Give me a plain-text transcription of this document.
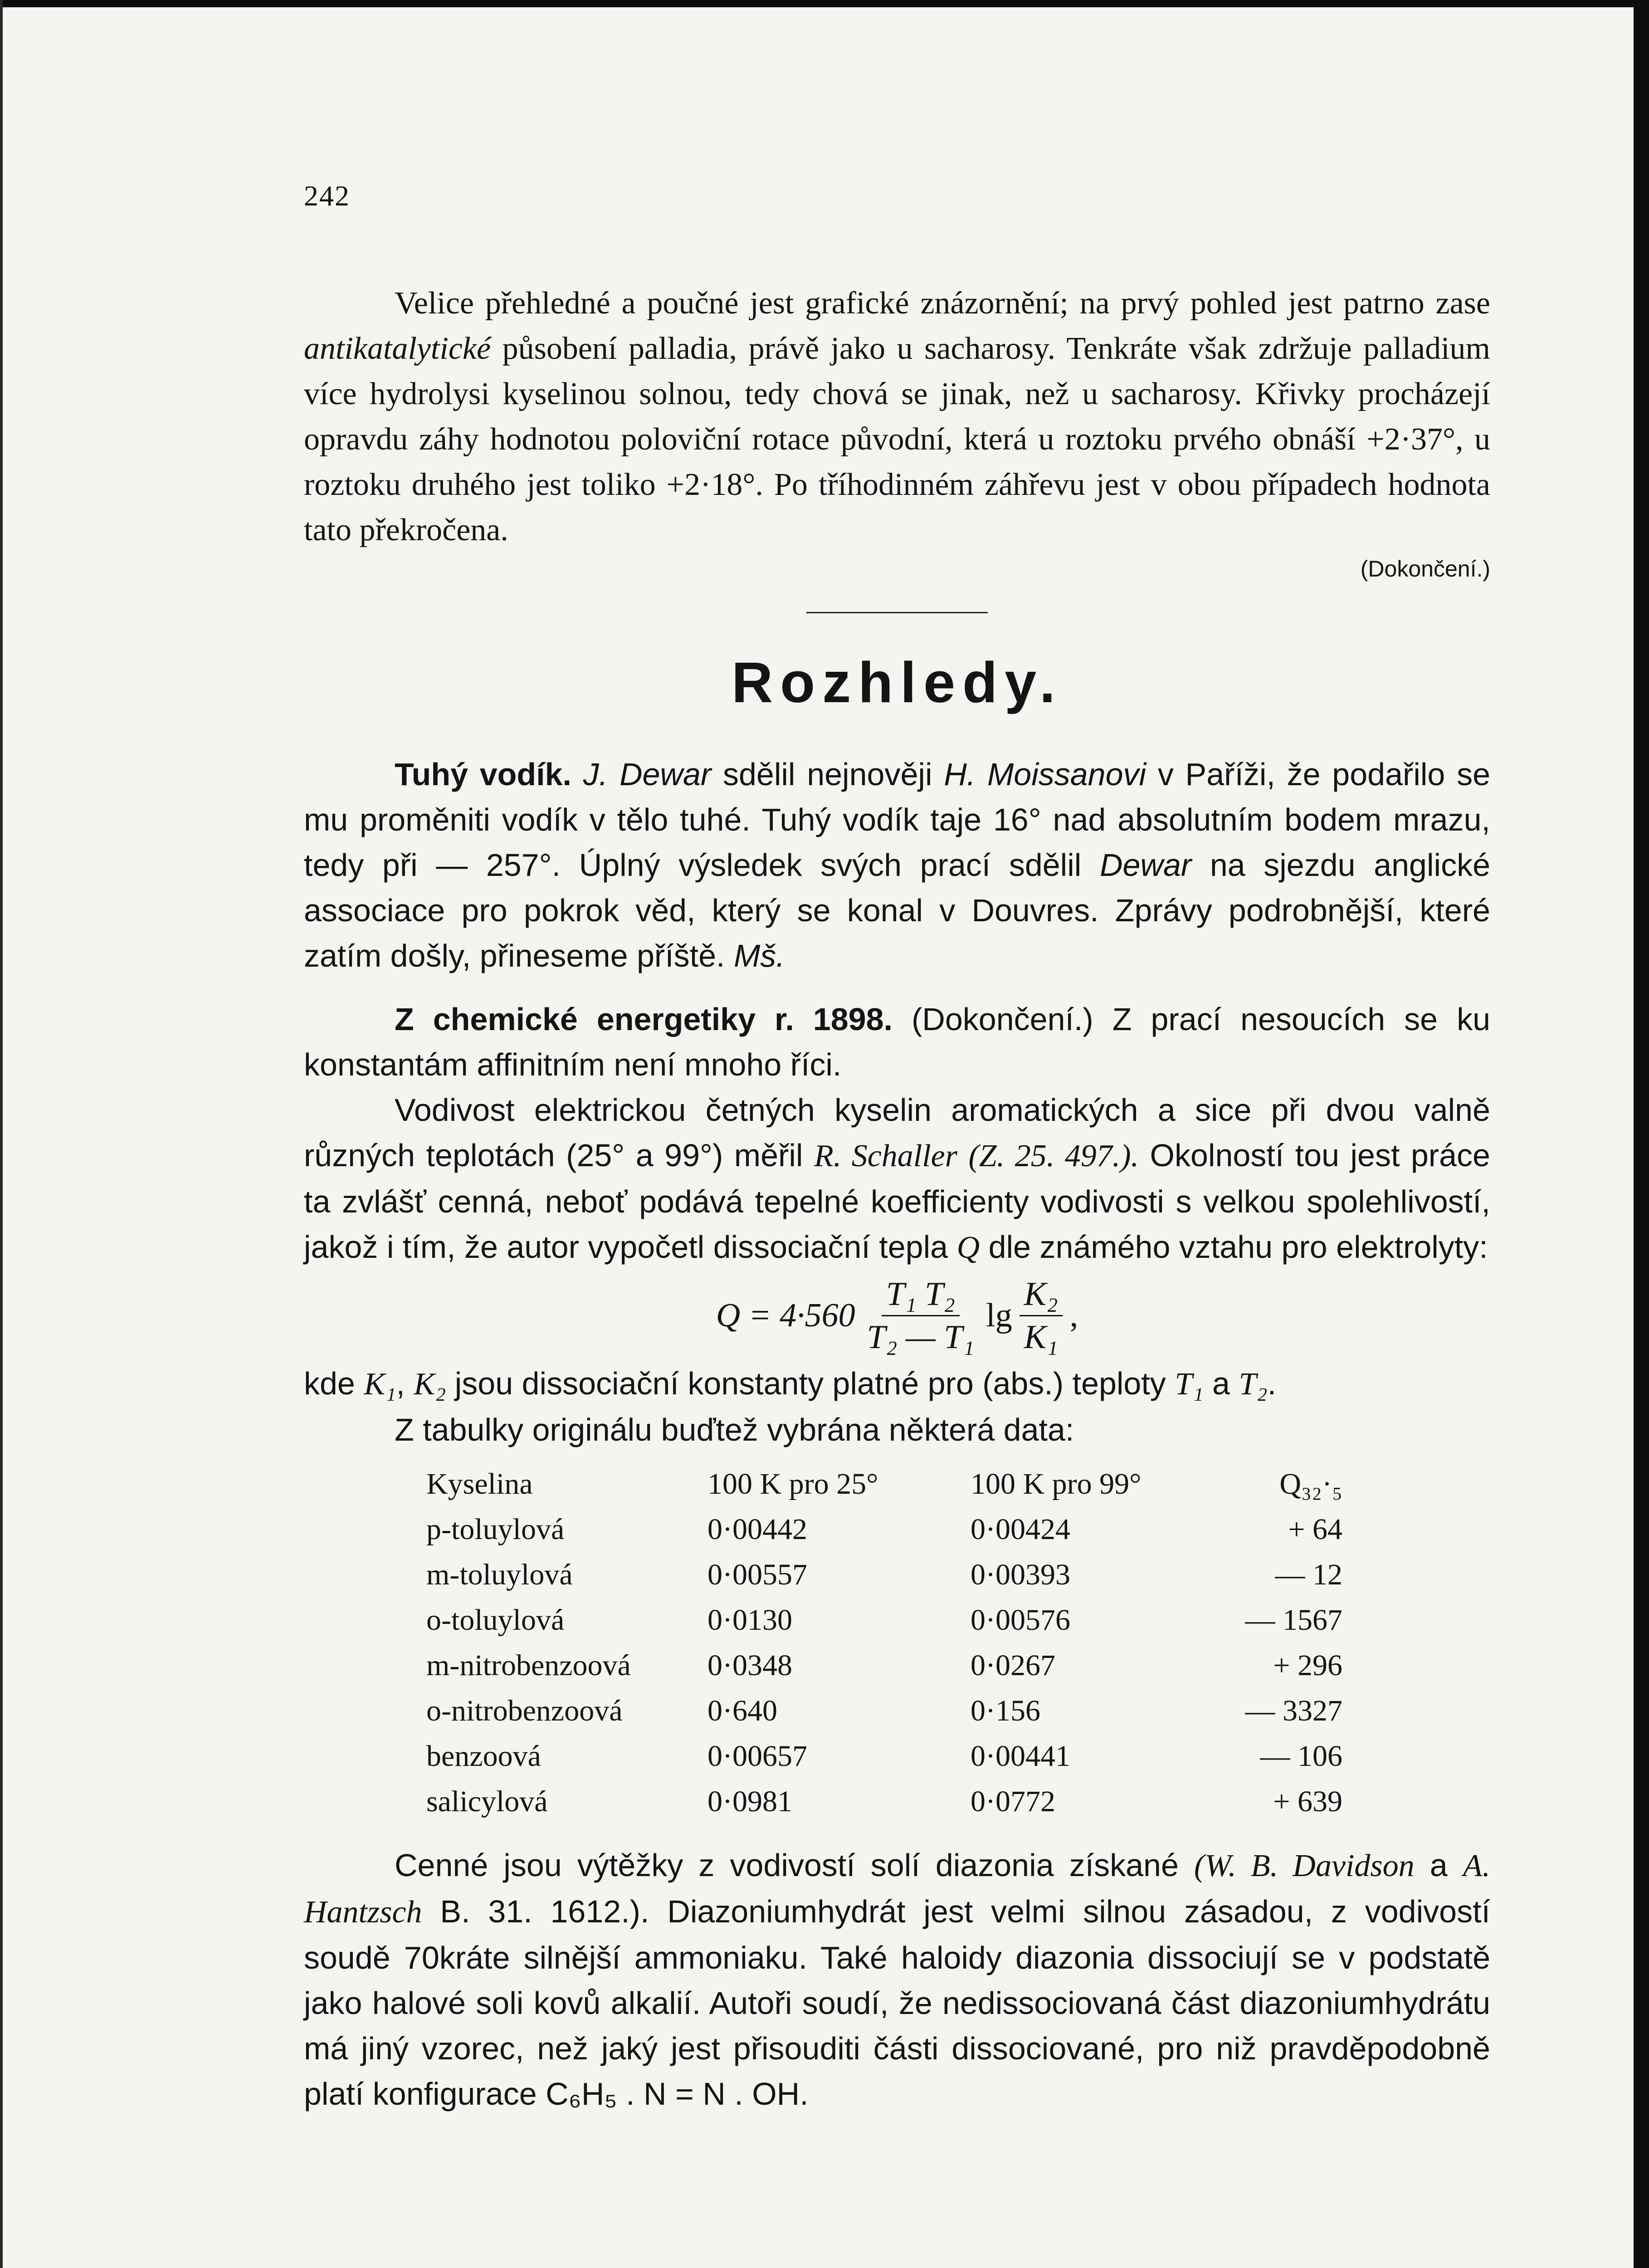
242

Velice přehledné a poučné jest grafické znázornění; na prvý pohled jest patrno zase antikatalytické působení palladia, právě jako u sacharosy. Tenkráte však zdržuje palladium více hydrolysi kyselinou solnou, tedy chová se jinak, než u sacharosy. Křivky procházejí opravdu záhy hodnotou poloviční rotace původní, která u roztoku prvého obnáší +2·37°, u roztoku druhého jest toliko +2·18°. Po tříhodinném záhřevu jest v obou případech hodnota tato překročena.

(Dokončení.)
Rozhledy.

Tuhý vodík. J. Dewar sdělil nejnověji H. Moissanovi v Paříži, že podařilo se mu proměniti vodík v tělo tuhé. Tuhý vodík taje 16° nad absolutním bodem mrazu, tedy při — 257°. Úplný výsledek svých prací sdělil Dewar na sjezdu anglické associace pro pokrok věd, který se konal v Douvres. Zprávy podrobnější, které zatím došly, přineseme příště. Mš.

Z chemické energetiky r. 1898. (Dokončení.) Z prací nesoucích se ku konstantám affinitním není mnoho říci.

Vodivost elektrickou četných kyselin aromatických a sice při dvou valně různých teplotách (25° a 99°) měřil R. Schaller (Z. 25. 497.). Okolností tou jest práce ta zvlášť cenná, neboť podává tepelné koefficienty vodivosti s velkou spolehlivostí, jakož i tím, že autor vypočetl dissociační tepla Q dle známého vztahu pro elektrolyty:

$Q = 4\cdot 560 \frac{\text{T₁ T₂}}{\text{T₂ — T₁}}$ $\lg \frac{\text{K₂}}{\text{K₁}}$ ,

kde K₁, K₂ jsou dissociační konstanty platné pro (abs.) teploty T₁ a T₂.

Z tabulky originálu buďtež vybrána některá data:

Kyselina	100 K pro 25°	100 K pro 99°	Q₃₂·₅
p-toluylová	0·00442	0·00424	+ 64
m-toluylová	0·00557	0·00393	— 12
o-toluylová	0·0130	0·00576	— 1567
m-nitrobenzoová	0·0348	0·0267	+ 296
o-nitrobenzoová	0·640	0·156	— 3327
benzoová	0·00657	0·00441	— 106
salicylová	0·0981	0·0772	+ 639

Cenné jsou výtěžky z vodivostí solí diazonia získané (W. B. Davidson a A. Hantzsch B. 31. 1612.). Diazoniumhydrát jest velmi silnou zásadou, z vodivostí soudě 70kráte silnější ammoniaku. Také haloidy diazonia dissociují se v podstatě jako halové soli kovů alkalií. Autoři soudí, že nedissociovaná část diazoniumhydrátu má jiný vzorec, než jaký jest přisouditi části dissociované, pro niž pravděpodobně platí konfigurace C₆H₅ . N = N . OH.
